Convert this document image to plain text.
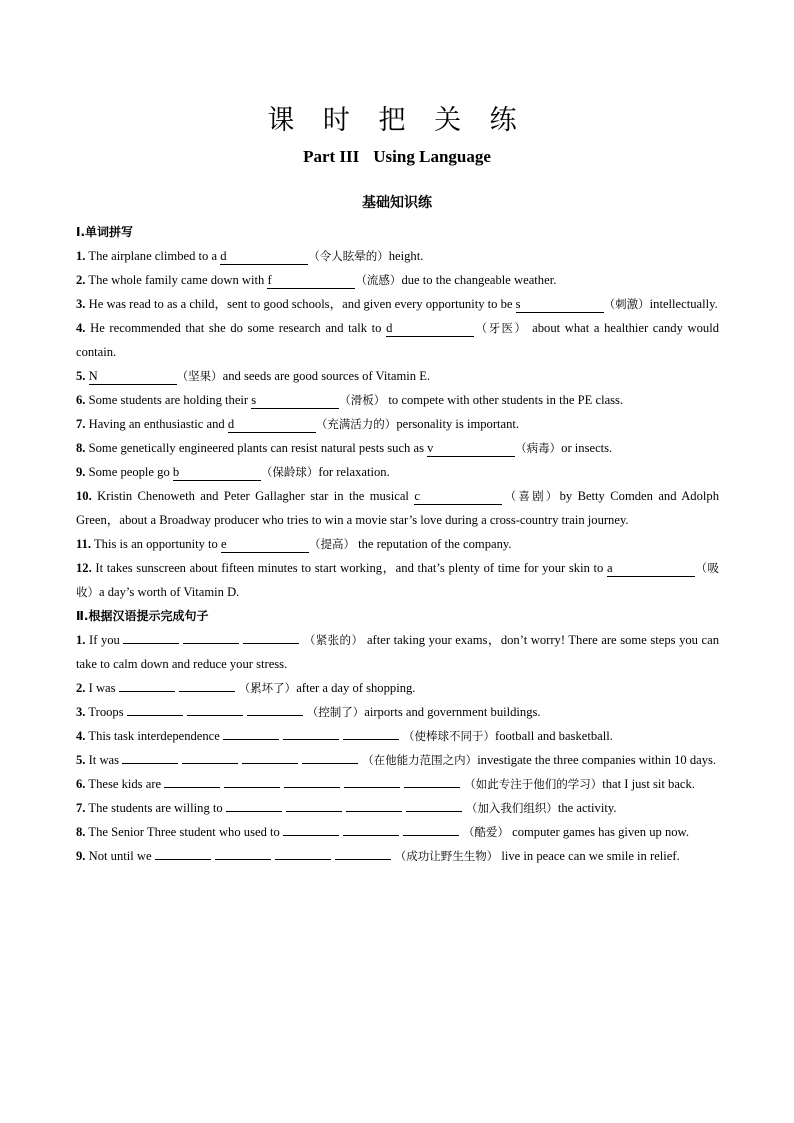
课 时 把 关 练
Part III Using Language
基础知识练
Ⅰ.单词拼写
1. The airplane climbed to a d	（令人眩晕的）height.
2. The whole family came down with f	（流感）due to the changeable weather.
3. He was read to as a child，sent to good schools，and given every opportunity to be s	（刺激）intellectually.
4. He recommended that she do some research and talk to d	（牙医） about what a healthier candy would contain.
5. N	（坚果）and seeds are good sources of Vitamin E.
6. Some students are holding their s	（滑板） to compete with other students in the PE class.
7. Having an enthusiastic and d	（充满活力的）personality is important.
8. Some genetically engineered plants can resist natural pests such as v	（病毒）or insects.
9. Some people go b	（保龄球）for relaxation.
10. Kristin Chenoweth and Peter Gallagher star in the musical c	（喜剧）by Betty Comden and Adolph Green，about a Broadway producer who tries to win a movie star’s love during a cross-country train journey.
11. This is an opportunity to e	（提高） the reputation of the company.
12. It takes sunscreen about fifteen minutes to start working，and that’s plenty of time for your skin to a	（吸收）a day’s worth of Vitamin D.
Ⅱ.根据汉语提示完成句子
1. If you	（紧张的） after taking your exams，don’t worry! There are some steps you can take to calm down and reduce your stress.
2. I was	（累坏了）after a day of shopping.
3. Troops	（控制了）airports and government buildings.
4. This task interdependence	（使棒球不同于）football and basketball.
5. It was	（在他能力范围之内）investigate the three companies within 10 days.
6. These kids are	（如此专注于他们的学习）that I just sit back.
7. The students are willing to	（加入我们组织）the activity.
8. The Senior Three student who used to	（酷爱） computer games has given up now.
9. Not until we	（成功让野生生物） live in peace can we smile in relief.
